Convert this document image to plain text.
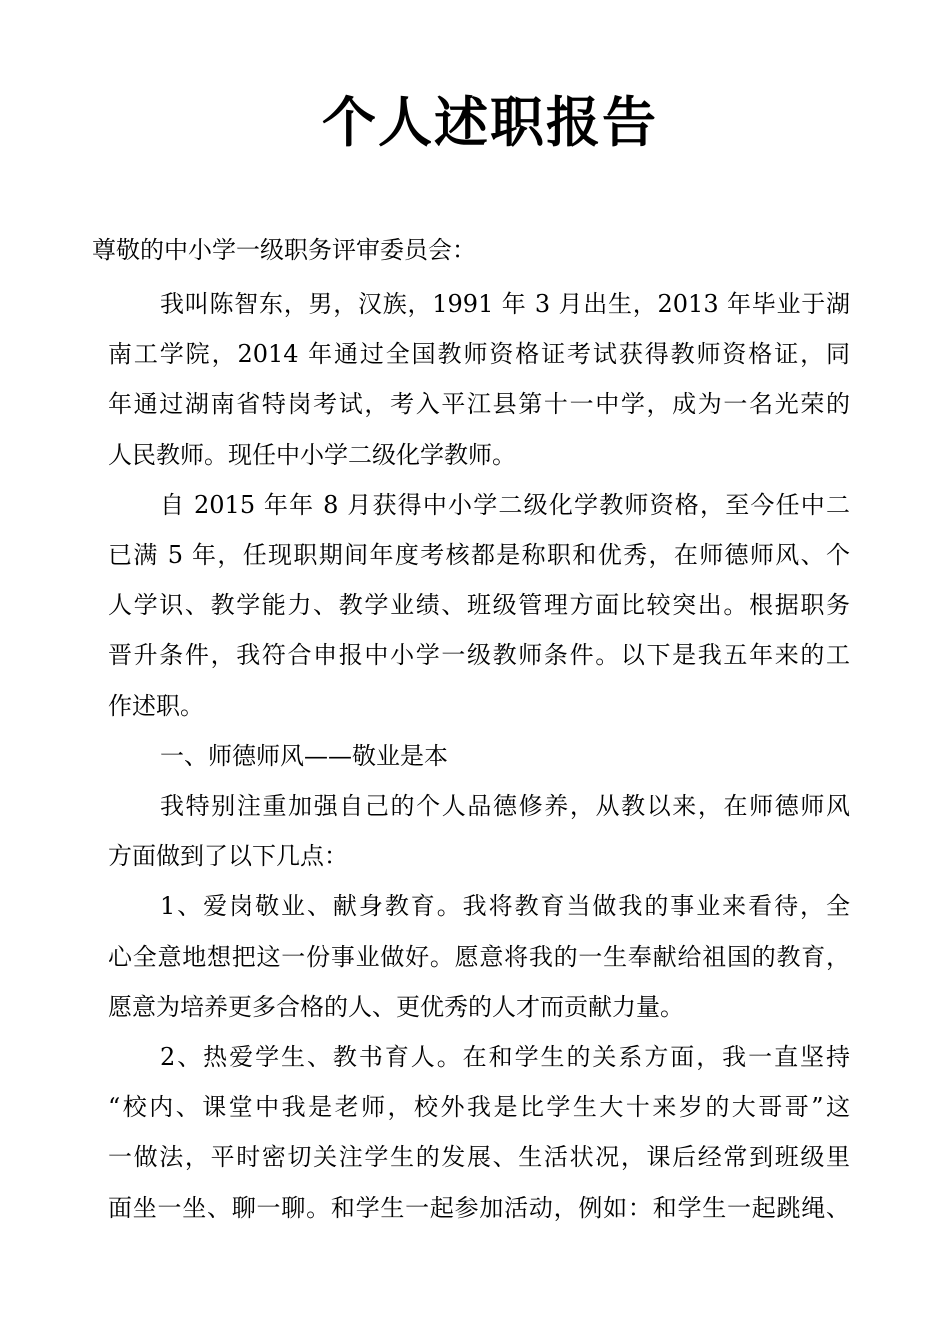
个人述职报告

尊敬的中小学一级职务评审委员会：

我叫陈智东，男，汉族，1991 年 3 月出生，2013 年毕业于湖

南工学院，2014 年通过全国教师资格证考试获得教师资格证，同

年通过湖南省特岗考试，考入平江县第十一中学，成为一名光荣的

人民教师。现任中小学二级化学教师。

自 2015 年年 8 月获得中小学二级化学教师资格，至今任中二

已满 5 年，任现职期间年度考核都是称职和优秀，在师德师风、个

人学识、教学能力、教学业绩、班级管理方面比较突出。根据职务

晋升条件，我符合申报中小学一级教师条件。以下是我五年来的工

作述职。

一、师德师风——敬业是本

我特别注重加强自己的个人品德修养，从教以来，在师德师风

方面做到了以下几点：

1、爱岗敬业、献身教育。我将教育当做我的事业来看待，全

心全意地想把这一份事业做好。愿意将我的一生奉献给祖国的教育，

愿意为培养更多合格的人、更优秀的人才而贡献力量。

2、热爱学生、教书育人。在和学生的关系方面，我一直坚持

“校内、课堂中我是老师，校外我是比学生大十来岁的大哥哥”这

一做法，平时密切关注学生的发展、生活状况，课后经常到班级里

面坐一坐、聊一聊。和学生一起参加活动，例如：和学生一起跳绳、
